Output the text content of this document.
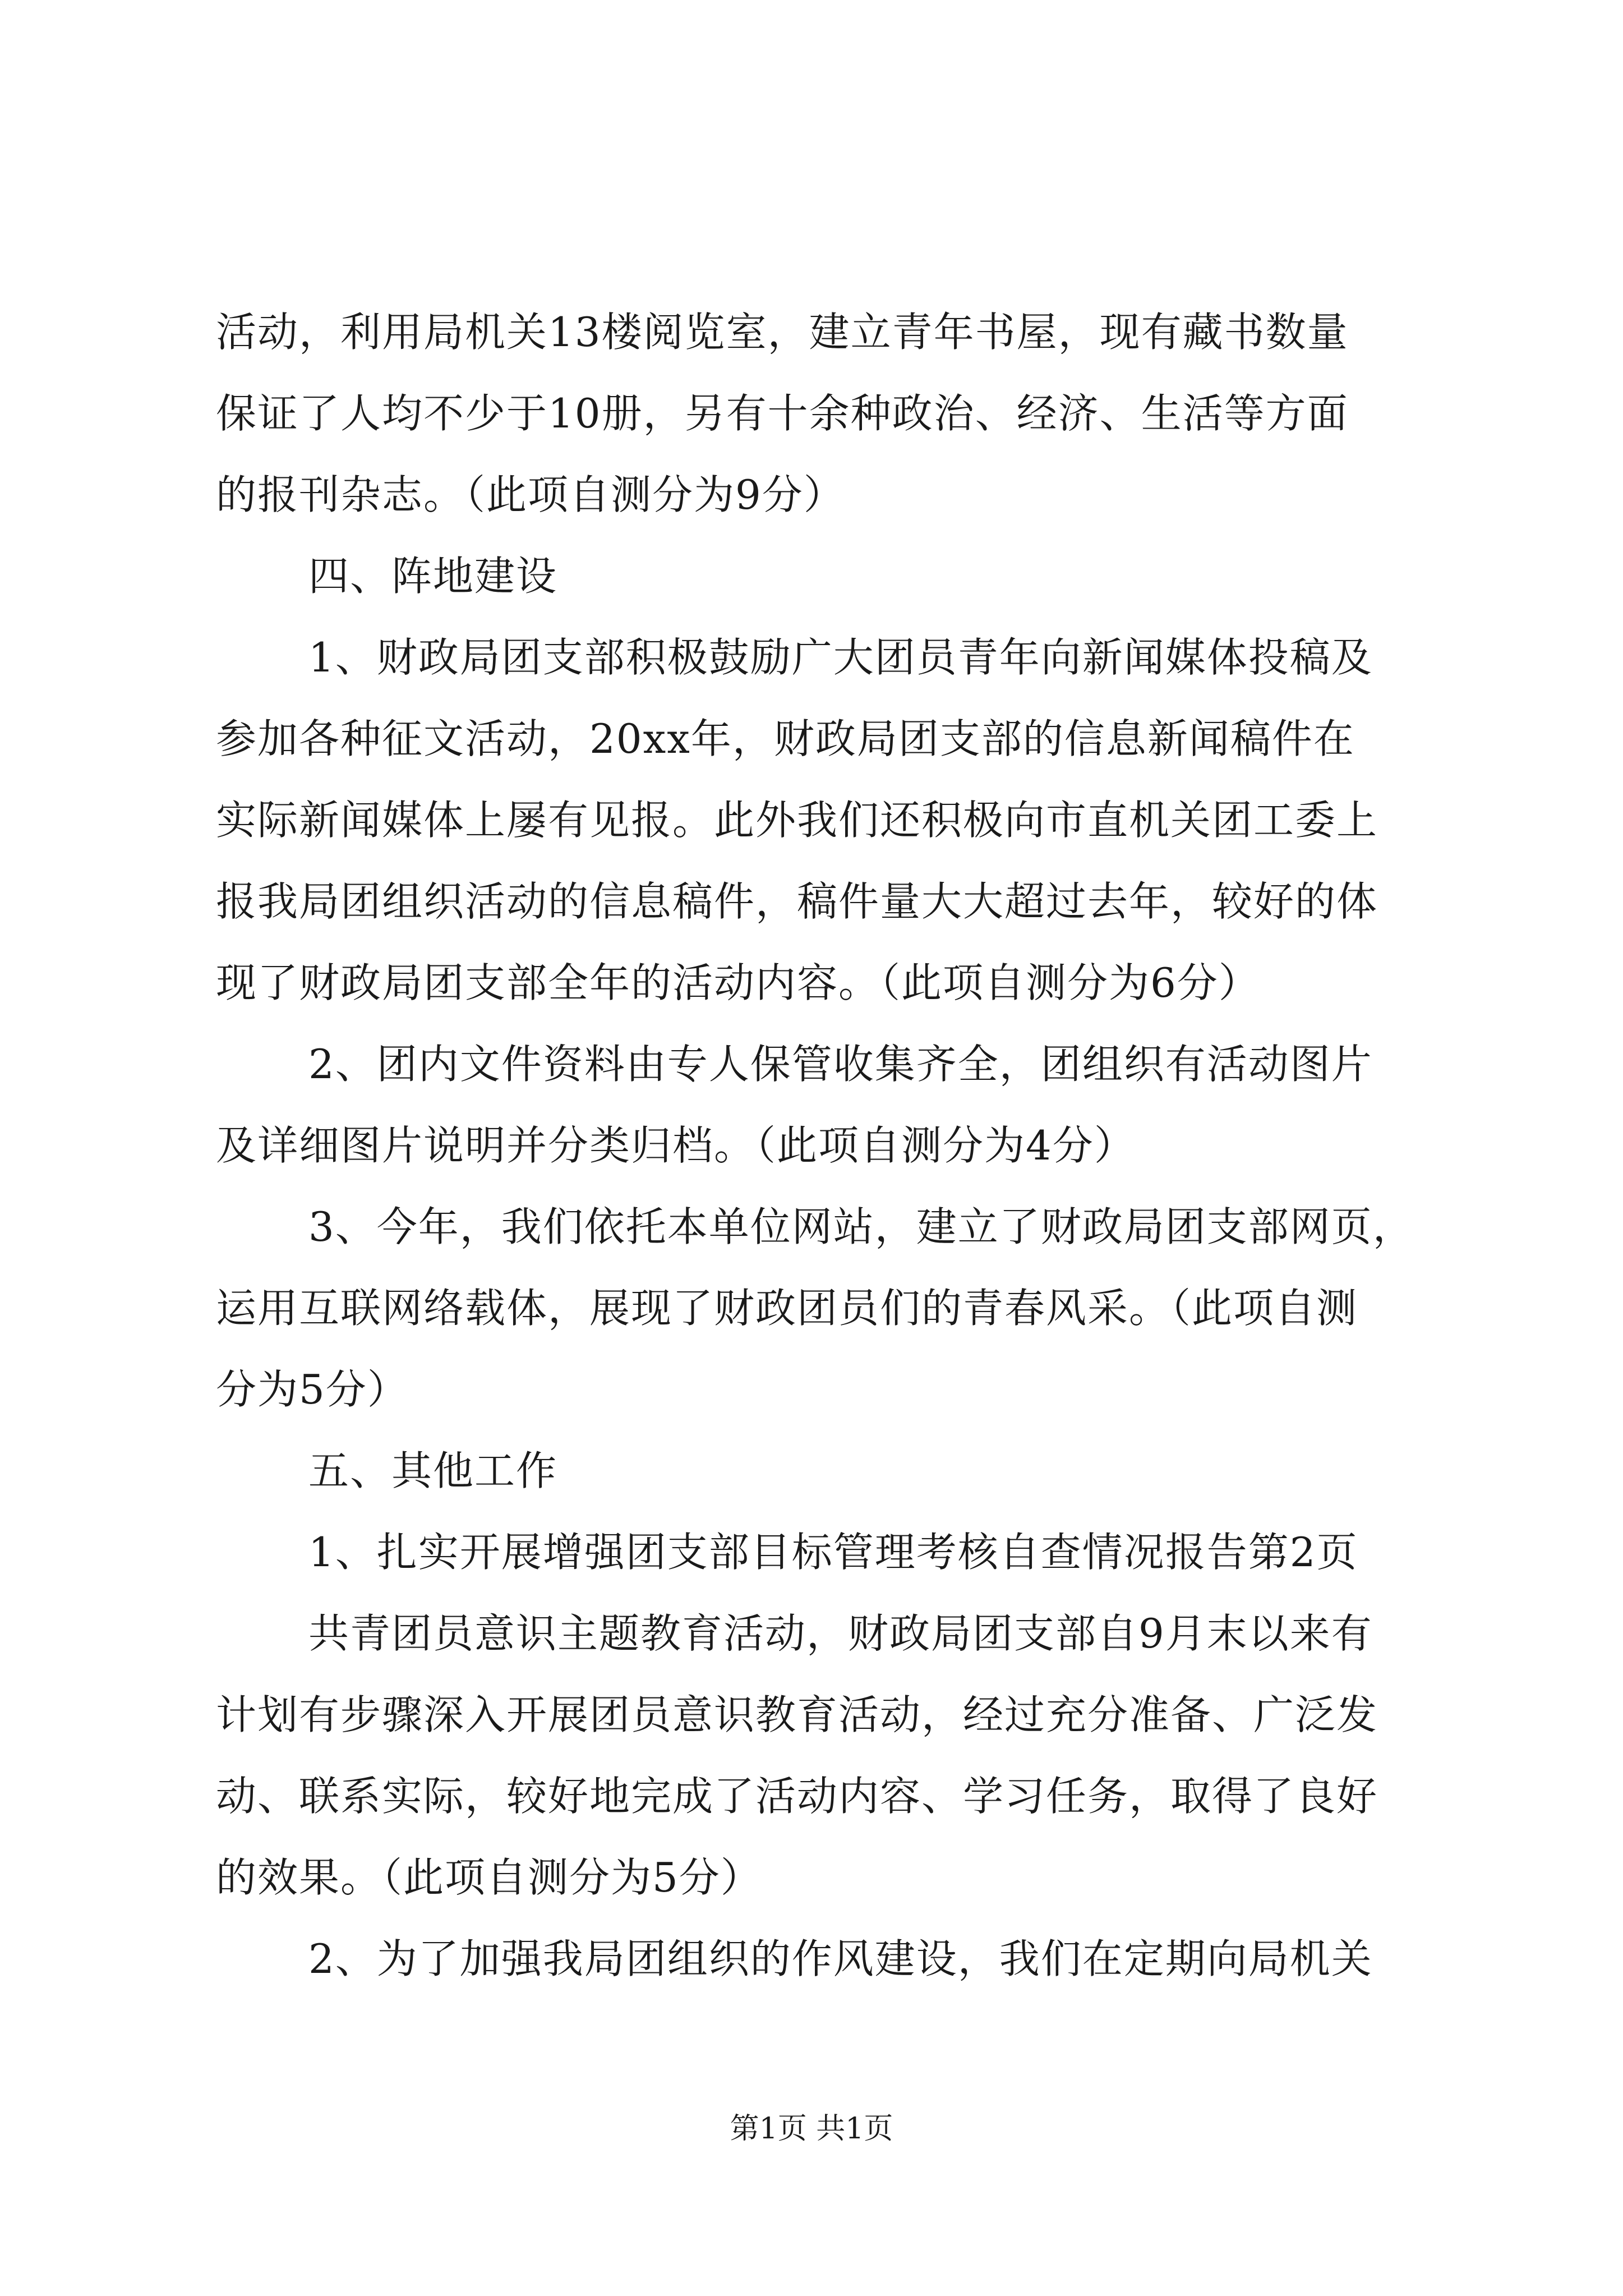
活动，利用局机关13楼阅览室，建立青年书屋，现有藏书数量
保证了人均不少于10册，另有十余种政治、经济、生活等方面
的报刊杂志。（此项自测分为9分）
四、阵地建设
1、财政局团支部积极鼓励广大团员青年向新闻媒体投稿及
参加各种征文活动，20xx年，财政局团支部的信息新闻稿件在
实际新闻媒体上屡有见报。此外我们还积极向市直机关团工委上
报我局团组织活动的信息稿件，稿件量大大超过去年，较好的体
现了财政局团支部全年的活动内容。（此项自测分为6分）
2、团内文件资料由专人保管收集齐全，团组织有活动图片
及详细图片说明并分类归档。（此项自测分为4分）
3、今年，我们依托本单位网站，建立了财政局团支部网页，
运用互联网络载体，展现了财政团员们的青春风采。（此项自测
分为5分）
五、其他工作
1、扎实开展增强团支部目标管理考核自查情况报告第2页
共青团员意识主题教育活动，财政局团支部自9月末以来有
计划有步骤深入开展团员意识教育活动，经过充分准备、广泛发
动、联系实际，较好地完成了活动内容、学习任务，取得了良好
的效果。（此项自测分为5分）
2、为了加强我局团组织的作风建设，我们在定期向局机关
第1页 共1页
